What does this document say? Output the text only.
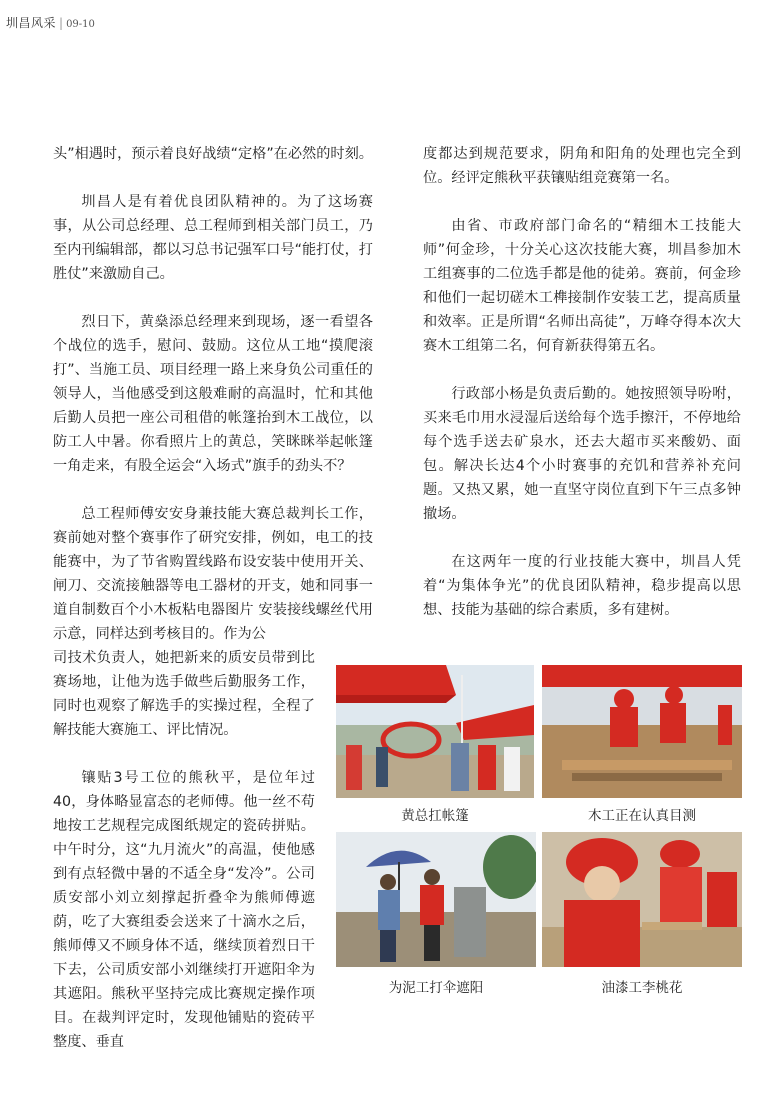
圳昌风采 | 09-10

头”相遇时，预示着良好战绩“定格”在必然的时刻。

圳昌人是有着优良团队精神的。为了这场赛事，从公司总经理、总工程师到相关部门员工，乃至内刊编辑部，都以习总书记强军口号“能打仗，打胜仗”来激励自己。

烈日下，黄燊添总经理来到现场，逐一看望各个战位的选手，慰问、鼓励。这位从工地“摸爬滚打”、当施工员、项目经理一路上来身负公司重任的领导人，当他感受到这般难耐的高温时，忙和其他后勤人员把一座公司租借的帐篷抬到木工战位，以防工人中暑。你看照片上的黄总，笑眯眯举起帐篷一角走来，有股全运会“入场式”旗手的劲头不？

总工程师傅安安身兼技能大赛总裁判长工作，赛前她对整个赛事作了研究安排，例如，电工的技能赛中，为了节省购置线路布设安装中使用开关、闸刀、交流接触器等电工器材的开支，她和同事一道自制数百个小木板粘电器图片 安装接线螺丝代用示意，同样达到考核目的。作为公

司技术负责人，她把新来的质安员带到比赛场地，让他为选手做些后勤服务工作，同时也观察了解选手的实操过程，全程了解技能大赛施工、评比情况。

镶贴3号工位的熊秋平，是位年过40，身体略显富态的老师傅。他一丝不苟地按工艺规程完成图纸规定的瓷砖拼贴。中午时分，这“九月流火”的高温，使他感到有点轻微中暑的不适全身“发冷”。公司质安部小刘立刻撑起折叠伞为熊师傅遮荫，吃了大赛组委会送来了十滴水之后，熊师傅又不顾身体不适，继续顶着烈日干下去，公司质安部小刘继续打开遮阳伞为其遮阳。熊秋平坚持完成比赛规定操作项目。在裁判评定时，发现他铺贴的瓷砖平整度、垂直

度都达到规范要求，阴角和阳角的处理也完全到位。经评定熊秋平获镶贴组竞赛第一名。

由省、市政府部门命名的“精细木工技能大师”何金珍，十分关心这次技能大赛，圳昌参加木工组赛事的二位选手都是他的徒弟。赛前，何金珍和他们一起切磋木工榫接制作安装工艺，提高质量和效率。正是所谓“名师出高徒”，万峰夺得本次大赛木工组第二名，何育新获得第五名。

行政部小杨是负责后勤的。她按照领导吩咐，买来毛巾用水浸湿后送给每个选手擦汗，不停地给每个选手送去矿泉水，还去大超市买来酸奶、面包。解决长达4个小时赛事的充饥和营养补充问题。又热又累，她一直坚守岗位直到下午三点多钟撤场。

在这两年一度的行业技能大赛中，圳昌人凭着“为集体争光”的优良团队精神，稳步提高以思想、技能为基础的综合素质，多有建树。

黄总扛帐篷	木工正在认真目测
为泥工打伞遮阳	油漆工李桃花
